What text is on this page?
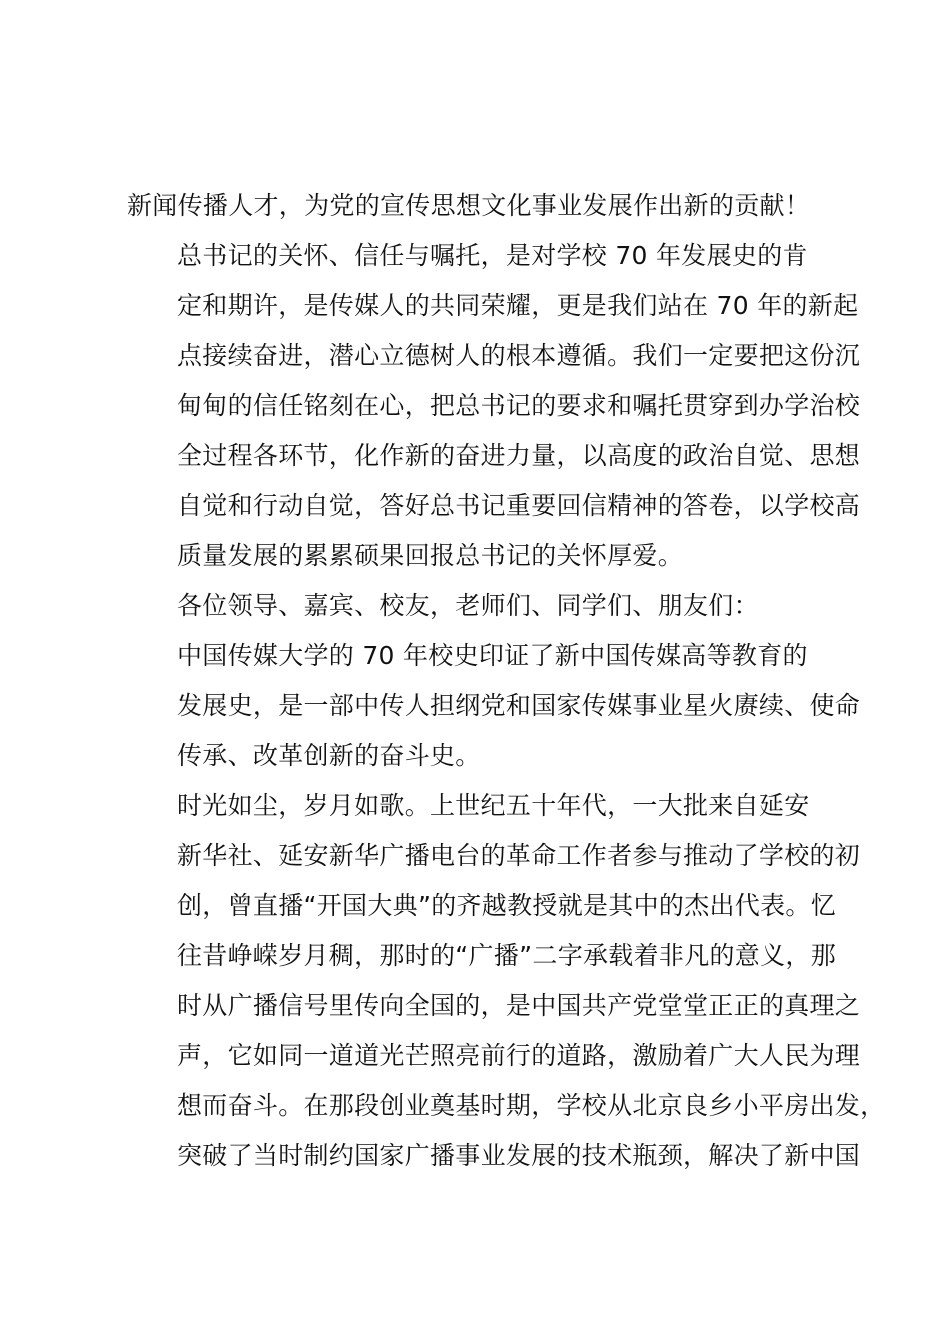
新闻传播人才，为党的宣传思想文化事业发展作出新的贡献！

总书记的关怀、信任与嘱托，是对学校 70 年发展史的肯
定和期许，是传媒人的共同荣耀，更是我们站在 70 年的新起
点接续奋进，潜心立德树人的根本遵循。我们一定要把这份沉
甸甸的信任铭刻在心，把总书记的要求和嘱托贯穿到办学治校
全过程各环节，化作新的奋进力量，以高度的政治自觉、思想
自觉和行动自觉，答好总书记重要回信精神的答卷，以学校高
质量发展的累累硕果回报总书记的关怀厚爱。

各位领导、嘉宾、校友，老师们、同学们、朋友们：

中国传媒大学的 70 年校史印证了新中国传媒高等教育的
发展史，是一部中传人担纲党和国家传媒事业星火赓续、使命
传承、改革创新的奋斗史。

时光如尘，岁月如歌。上世纪五十年代，一大批来自延安
新华社、延安新华广播电台的革命工作者参与推动了学校的初
创，曾直播“开国大典”的齐越教授就是其中的杰出代表。忆
往昔峥嵘岁月稠，那时的“广播”二字承载着非凡的意义，那
时从广播信号里传向全国的，是中国共产党堂堂正正的真理之
声，它如同一道道光芒照亮前行的道路，激励着广大人民为理
想而奋斗。在那段创业奠基时期，学校从北京良乡小平房出发，
突破了当时制约国家广播事业发展的技术瓶颈，解决了新中国
